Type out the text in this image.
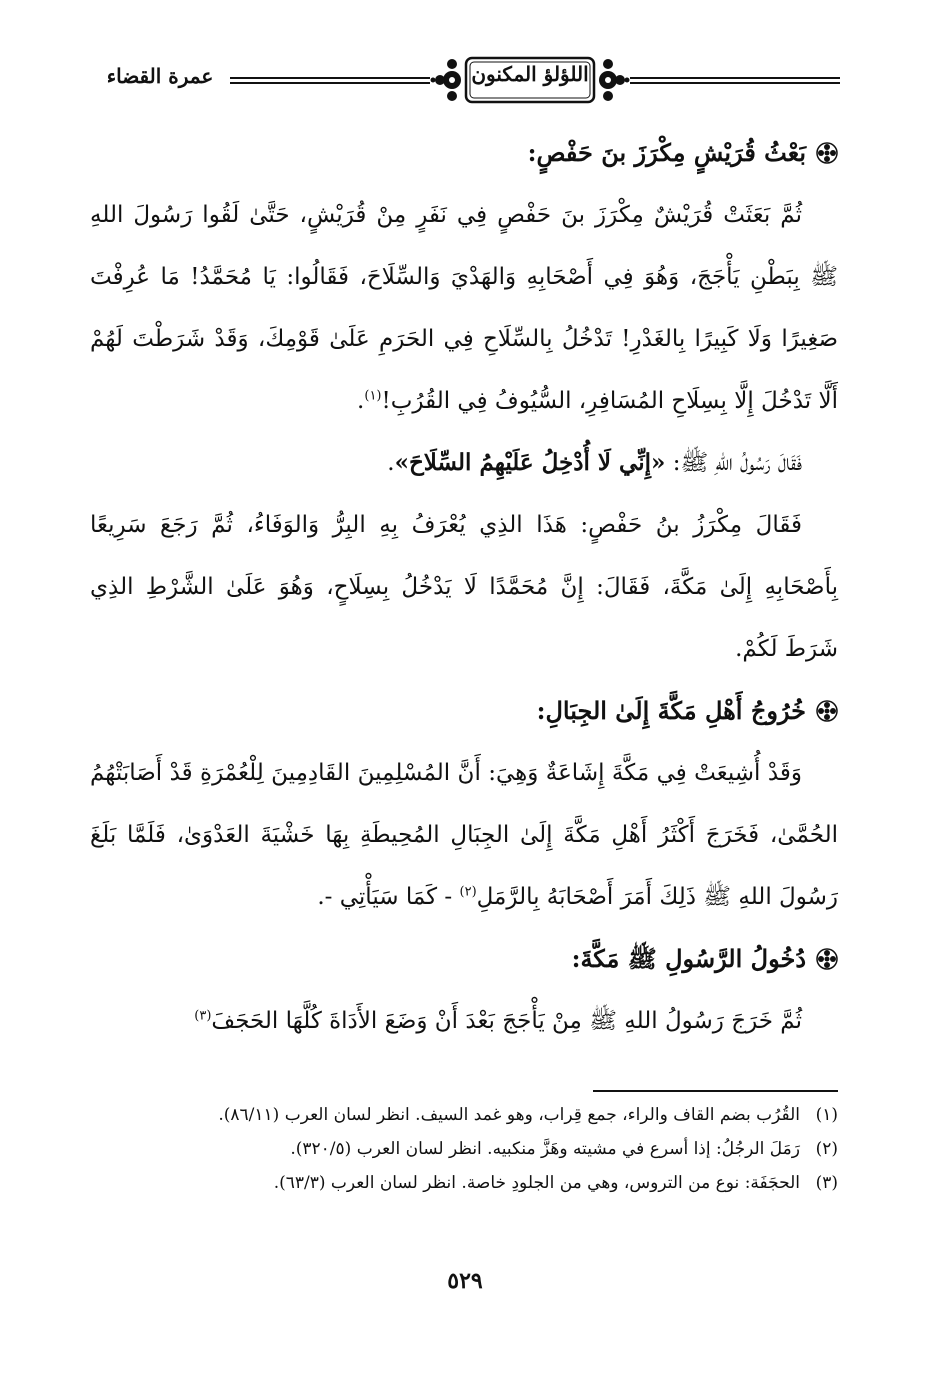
عمرة القضاء	اللؤلؤ المكنون

بَعْثُ قُرَيْشٍ مِكْرَزَ بنَ حَفْصٍ:

ثُمَّ بَعَثَتْ قُرَيْشٌ مِكْرَزَ بنَ حَفْصٍ فِي نَفَرٍ مِنْ قُرَيْشٍ، حَتَّىٰ لَقُوا رَسُولَ اللهِ ﷺ بِبَطْنِ يَأْجَجَ، وَهُوَ فِي أَصْحَابِهِ وَالهَدْيَ وَالسِّلَاحَ، فَقَالُوا: يَا مُحَمَّدُ! مَا عُرِفْتَ صَغِيرًا وَلَا كَبِيرًا بِالغَدْرِ! تَدْخُلُ بِالسِّلَاحِ فِي الحَرَمِ عَلَىٰ قَوْمِكَ، وَقَدْ شَرَطْتَ لَهُمْ أَلَّا تَدْخُلَ إِلَّا بِسِلَاحِ المُسَافِرِ، السُّيُوفُ فِي القُرُبِ!$^{(١)}$.

فَقَالَ رَسُولُ اللهِ ﷺ: «إِنِّي لَا أُدْخِلُ عَلَيْهِمُ السِّلَاحَ».

فَقَالَ مِكْرَزُ بنُ حَفْصٍ: هَذَا الذِي يُعْرَفُ بِهِ البِرُّ وَالوَفَاءُ، ثُمَّ رَجَعَ سَرِيعًا بِأَصْحَابِهِ إِلَىٰ مَكَّةَ، فَقَالَ: إِنَّ مُحَمَّدًا لَا يَدْخُلُ بِسِلَاحٍ، وَهُوَ عَلَىٰ الشَّرْطِ الذِي شَرَطَ لَكُمْ.

خُرُوجُ أَهْلِ مَكَّةَ إِلَىٰ الجِبَالِ:

وَقَدْ أُشِيعَتْ فِي مَكَّةَ إِشَاعَةٌ وَهِيَ: أَنَّ المُسْلِمِينَ القَادِمِينَ لِلْعُمْرَةِ قَدْ أَصَابَتْهُمُ الحُمَّىٰ، فَخَرَجَ أَكْثَرُ أَهْلِ مَكَّةَ إِلَىٰ الجِبَالِ المُحِيطَةِ بِهَا خَشْيَةَ العَدْوَىٰ، فَلَمَّا بَلَغَ رَسُولَ اللهِ ﷺ ذَلِكَ أَمَرَ أَصْحَابَهُ بِالرَّمَلِ$^{(٢)}$ - كَمَا سَيَأْتِي -.

دُخُولُ الرَّسُولِ ﷺ مَكَّةَ:

ثُمَّ خَرَجَ رَسُولُ اللهِ ﷺ مِنْ يَأْجَجَ بَعْدَ أَنْ وَضَعَ الأَدَاةَ كُلَّهَا الحَجَفَ$^{(٣)}$

(١)
القُرُب بضم القاف والراء، جمع قِراب، وهو غمد السيف. انظر لسان العرب (٨٦/١١).
(٢)
رَمَلَ الرجُلُ: إذا أسرع في مشيته وهَزَّ منكبيه. انظر لسان العرب (٣٢٠/٥).
(٣)
الحجَفَة: نوع من التروس، وهي من الجلودِ خاصة. انظر لسان العرب (٦٣/٣).
٥٢٩
